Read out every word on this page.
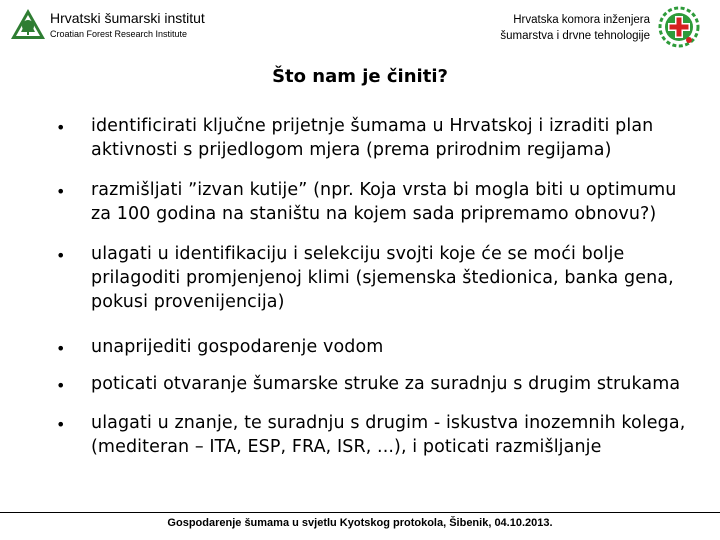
Hrvatski šumarski institut
Croatian Forest Research Institute
Hrvatska komora inženjera
šumarstva i drvne tehnologije
Što nam je činiti?
• identificirati ključne prijetnje šumama u Hrvatskoj i izraditi plan
aktivnosti s prijedlogom mjera (prema prirodnim regijama)
• razmišljati ˮizvan kutije” (npr. Koja vrsta bi mogla biti u optimumu
za 100 godina na staništu na kojem sada pripremamo obnovu?)
• ulagati u identifikaciju i selekciju svojti koje će se moći bolje
prilagoditi promjenjenoj klimi (sjemenska štedionica, banka gena,
pokusi provenijencija)
• unaprijediti gospodarenje vodom
• poticati otvaranje šumarske struke za suradnju s drugim strukama
• ulagati u znanje, te suradnju s drugim - iskustva inozemnih kolega,
(mediteran – ITA, ESP, FRA, ISR, ...), i poticati razmišljanje
Gospodarenje šumama u svjetlu Kyotskog protokola, Šibenik, 04.10.2013.
